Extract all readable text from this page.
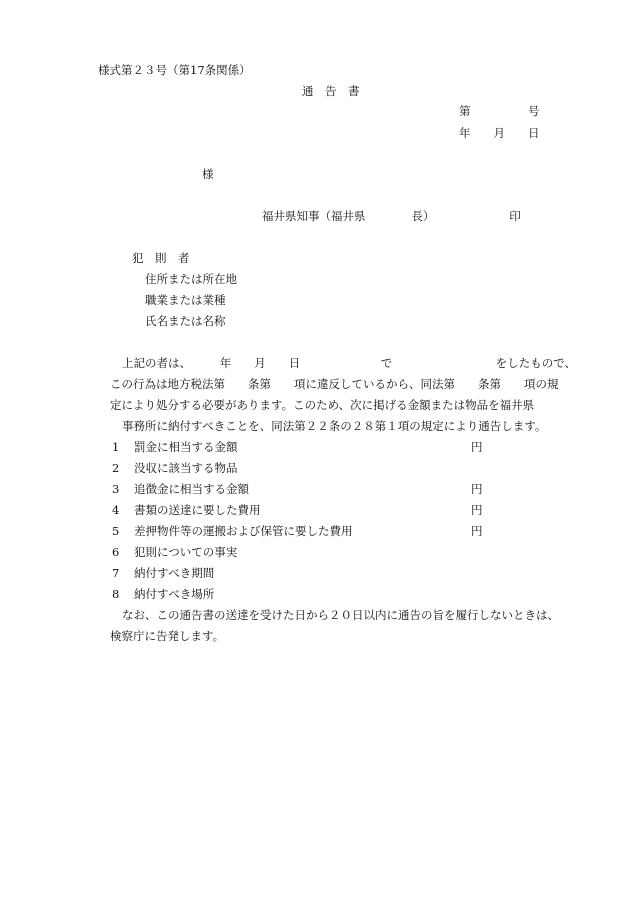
様式第２３号（第17条関係）
通　告　書
第　　　　　号
年　　月　　日
様
福井県知事（福井県　　　　長）　　　　　　　印
犯　則　者
住所または所在地
職業または業種
氏名または名称
上記の者は、　　　年　　月　　日　　　　　　　で　　　　　　　　　をしたもので、
この行為は地方税法第　　条第　　項に違反しているから、同法第　　条第　　項の規
定により処分する必要があります。このため、次に掲げる金額または物品を福井県
事務所に納付すべきことを、同法第２２条の２８第１項の規定により通告します。
1 罰金に相当する金額	円
2 没収に該当する物品
3 追徴金に相当する金額	円
4 書類の送達に要した費用	円
5 差押物件等の運搬および保管に要した費用	円
6 犯則についての事実
7 納付すべき期間
8 納付すべき場所
なお、この通告書の送達を受けた日から２０日以内に通告の旨を履行しないときは、
検察庁に告発します。
